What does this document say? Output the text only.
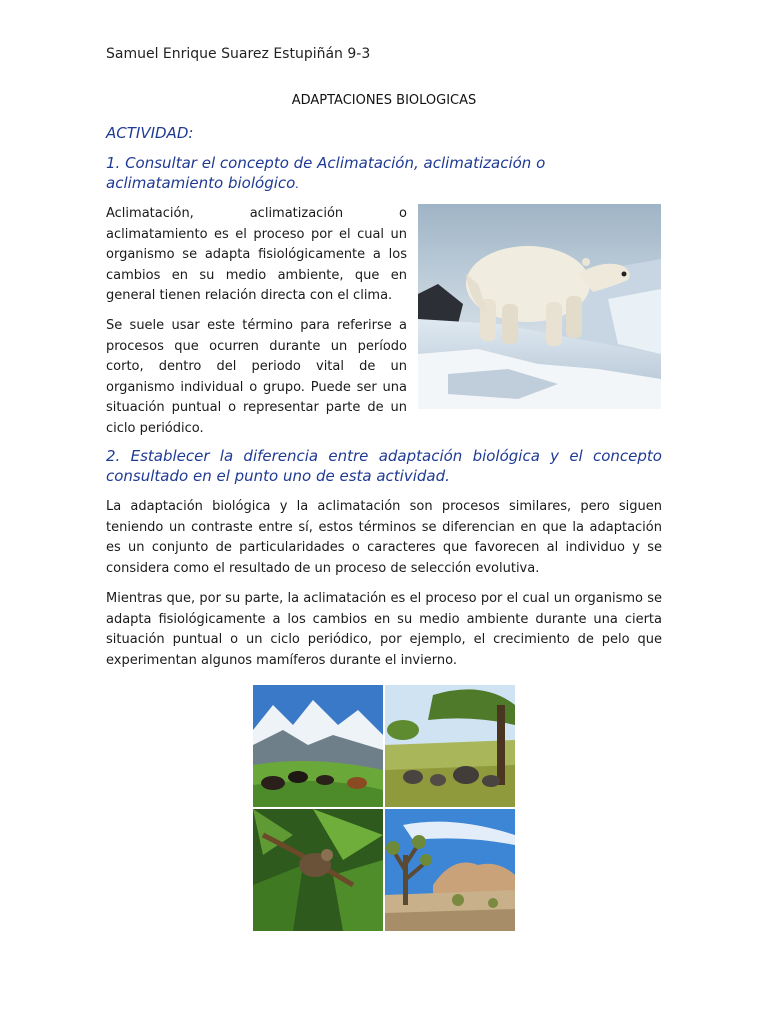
Samuel Enrique Suarez Estupiñán 9-3
ADAPTACIONES BIOLOGICAS
ACTIVIDAD:
1. Consultar el concepto de Aclimatación, aclimatización o aclimatamiento biológico.

Aclimatación, aclimatización o aclimatamiento es el proceso por el cual un organismo se adapta fisiológicamente a los cambios en su medio ambiente, que en general tienen relación directa con el clima.

Se suele usar este término para referirse a procesos que ocurren durante un período corto, dentro del periodo vital de un organismo individual o grupo. Puede ser una situación puntual o representar parte de un ciclo periódico.

2. Establecer la diferencia entre adaptación biológica y el concepto consultado en el punto uno de esta actividad.

La adaptación biológica y la aclimatación son procesos similares, pero siguen teniendo un contraste entre sí, estos términos se diferencian en que la adaptación es un conjunto de particularidades o caracteres que favorecen al individuo y se considera como el resultado de un proceso de selección evolutiva.

Mientras que, por su parte, la aclimatación es el proceso por el cual un organismo se adapta fisiológicamente a los cambios en su medio ambiente durante una cierta situación puntual o un ciclo periódico, por ejemplo, el crecimiento de pelo que experimentan algunos mamíferos durante el invierno.
